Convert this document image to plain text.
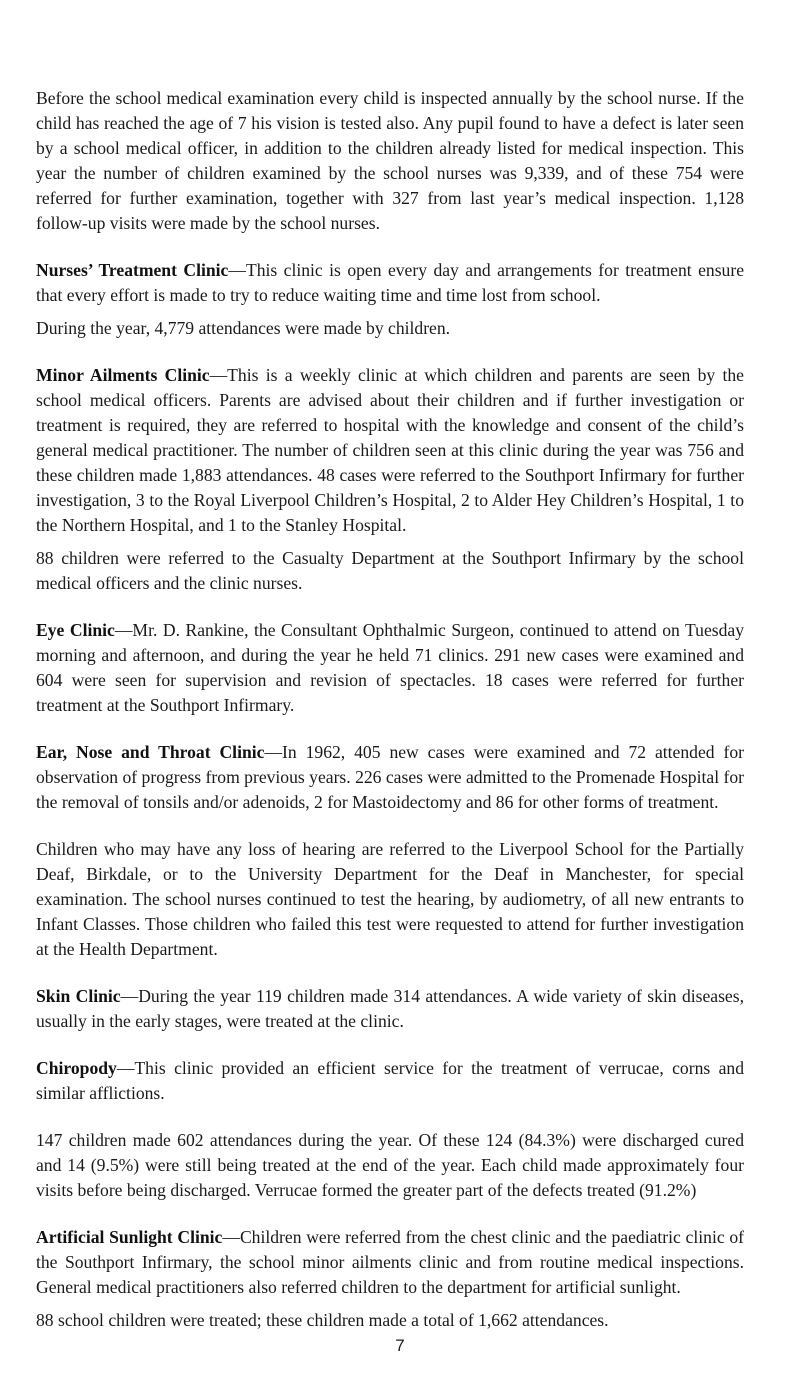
Before the school medical examination every child is inspected annually by the school nurse. If the child has reached the age of 7 his vision is tested also. Any pupil found to have a defect is later seen by a school medical officer, in addition to the children already listed for medical inspection. This year the number of children examined by the school nurses was 9,339, and of these 754 were referred for further examination, together with 327 from last year’s medical inspection. 1,128 follow-up visits were made by the school nurses.

Nurses’ Treatment Clinic—This clinic is open every day and arrangements for treatment ensure that every effort is made to try to reduce waiting time and time lost from school.

During the year, 4,779 attendances were made by children.

Minor Ailments Clinic—This is a weekly clinic at which children and parents are seen by the school medical officers. Parents are advised about their children and if further investigation or treatment is required, they are referred to hospital with the knowledge and consent of the child’s general medical practitioner. The number of children seen at this clinic during the year was 756 and these children made 1,883 attendances. 48 cases were referred to the Southport Infirmary for further investigation, 3 to the Royal Liverpool Children’s Hospital, 2 to Alder Hey Children’s Hospital, 1 to the Northern Hospital, and 1 to the Stanley Hospital.

88 children were referred to the Casualty Department at the Southport Infirmary by the school medical officers and the clinic nurses.

Eye Clinic—Mr. D. Rankine, the Consultant Ophthalmic Surgeon, continued to attend on Tuesday morning and afternoon, and during the year he held 71 clinics. 291 new cases were examined and 604 were seen for supervision and revision of spectacles. 18 cases were referred for further treatment at the Southport Infirmary.

Ear, Nose and Throat Clinic—In 1962, 405 new cases were examined and 72 attended for observation of progress from previous years. 226 cases were admitted to the Promenade Hospital for the removal of tonsils and/or adenoids, 2 for Mastoidectomy and 86 for other forms of treatment.

Children who may have any loss of hearing are referred to the Liverpool School for the Partially Deaf, Birkdale, or to the University Department for the Deaf in Manchester, for special examination. The school nurses continued to test the hearing, by audiometry, of all new entrants to Infant Classes. Those children who failed this test were requested to attend for further investigation at the Health Department.

Skin Clinic—During the year 119 children made 314 attendances. A wide variety of skin diseases, usually in the early stages, were treated at the clinic.

Chiropody—This clinic provided an efficient service for the treatment of verrucae, corns and similar afflictions.

147 children made 602 attendances during the year. Of these 124 (84.3%) were discharged cured and 14 (9.5%) were still being treated at the end of the year. Each child made approximately four visits before being discharged. Verrucae formed the greater part of the defects treated (91.2%)

Artificial Sunlight Clinic—Children were referred from the chest clinic and the paediatric clinic of the Southport Infirmary, the school minor ailments clinic and from routine medical inspections. General medical practitioners also referred children to the department for artificial sunlight.

88 school children were treated; these children made a total of 1,662 attendances.

7
